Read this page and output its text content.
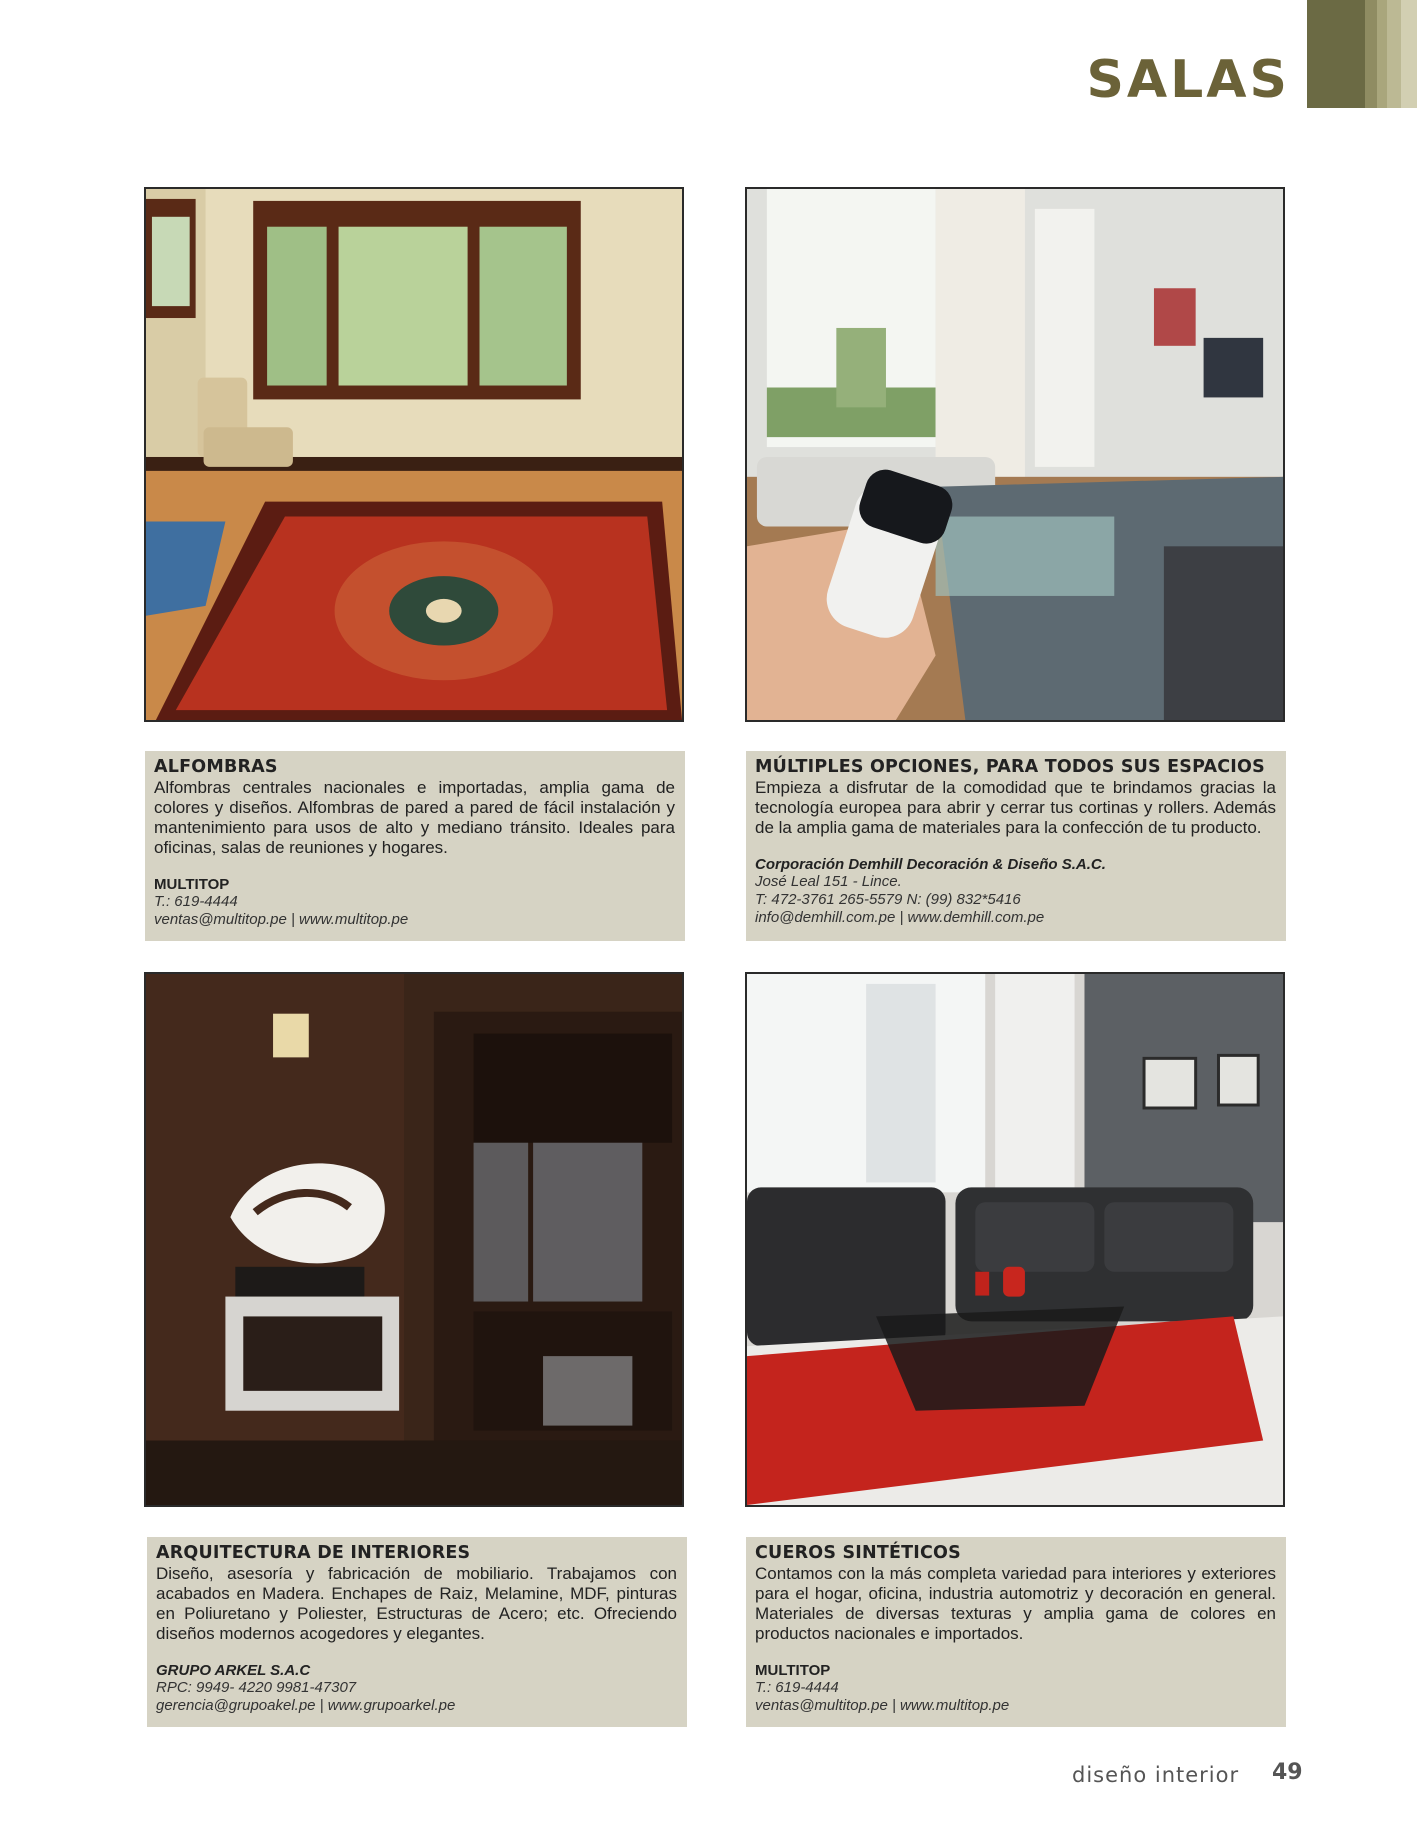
SALAS
ALFOMBRAS
Alfombras centrales nacionales e importadas, amplia gama de colores y diseños. Alfombras de pared a pared de fácil instalación y mantenimiento para usos de alto y mediano tránsito. Ideales para oficinas, salas de reuniones y hogares.
MULTITOP
T.: 619-4444
ventas@multitop.pe | www.multitop.pe
MÚLTIPLES OPCIONES, PARA TODOS SUS ESPACIOS
Empieza a disfrutar de la comodidad que te brindamos gracias la tecnología europea para abrir y cerrar tus cortinas y rollers. Además de la amplia gama de materiales para la confección de tu producto.
Corporación Demhill Decoración & Diseño S.A.C.
José Leal 151 - Lince.
T: 472-3761 265-5579 N: (99) 832*5416
info@demhill.com.pe | www.demhill.com.pe
ARQUITECTURA DE INTERIORES
Diseño, asesoría y fabricación de mobiliario. Trabajamos con acabados en Madera. Enchapes de Raiz, Melamine, MDF, pinturas en Poliuretano y Poliester, Estructuras de Acero; etc. Ofreciendo diseños modernos acogedores y elegantes.
GRUPO ARKEL S.A.C
RPC: 9949- 4220 9981-47307
gerencia@grupoakel.pe | www.grupoarkel.pe
CUEROS SINTÉTICOS
Contamos con la más completa variedad para interiores y exteriores para el hogar, oficina, industria automotriz y decoración en general. Materiales de diversas texturas y amplia gama de colores en productos nacionales e importados.
MULTITOP
T.: 619-4444
ventas@multitop.pe | www.multitop.pe
diseño interior 49
